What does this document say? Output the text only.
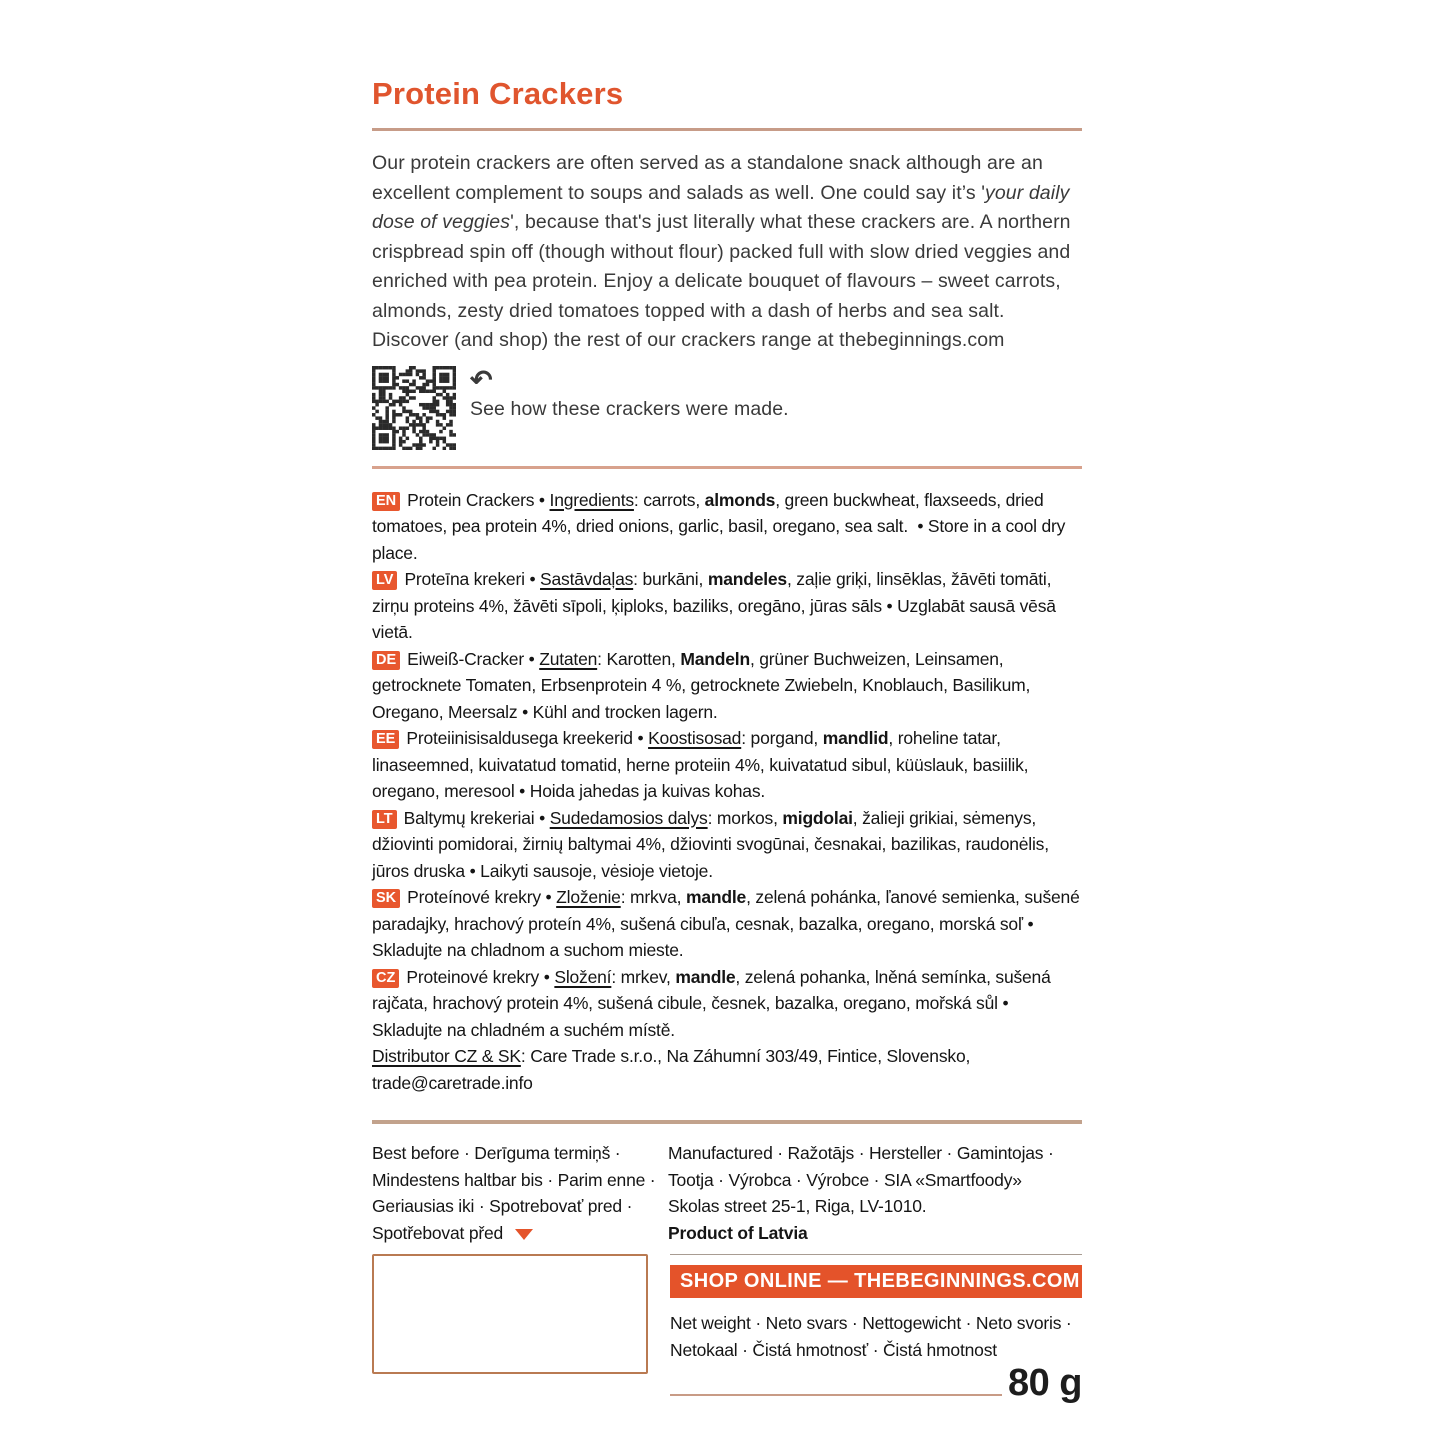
Protein Crackers

Our protein crackers are often served as a standalone snack although are an excellent complement to soups and salads as well. One could say it’s 'your daily dose of veggies', because that's just literally what these crackers are. A northern crispbread spin off (though without flour) packed full with slow dried veggies and enriched with pea protein. Enjoy a delicate bouquet of flavours – sweet carrots, almonds, zesty dried tomatoes topped with a dash of herbs and sea salt. Discover (and shop) the rest of our crackers range at thebeginnings.com

↶
See how these crackers were made.
EN Protein Crackers • Ingredients: carrots, almonds, green buckwheat, flaxseeds, dried tomatoes, pea protein 4%, dried onions, garlic, basil, oregano, sea salt.  • Store in a cool dry place.
LV Proteīna krekeri • Sastāvdaļas: burkāni, mandeles, zaļie griķi, linsēklas, žāvēti tomāti, zirņu proteins 4%, žāvēti sīpoli, ķiploks, baziliks, oregāno, jūras sāls • Uzglabāt sausā vēsā vietā.
DE Eiweiß-Cracker • Zutaten: Karotten, Mandeln, grüner Buchweizen, Leinsamen, getrocknete Tomaten, Erbsenprotein 4 %, getrocknete Zwiebeln, Knoblauch, Basilikum, Oregano, Meersalz • Kühl and trocken lagern.
EE Proteiinisisaldusega kreekerid • Koostisosad: porgand, mandlid, roheline tatar, linaseemned, kuivatatud tomatid, herne proteiin 4%, kuivatatud sibul, küüslauk, basiilik, oregano, meresool • Hoida jahedas ja kuivas kohas.
LT Baltymų krekeriai • Sudedamosios dalys: morkos, migdolai, žalieji grikiai, sėmenys, džiovinti pomidorai, žirnių baltymai 4%, džiovinti svogūnai, česnakai, bazilikas, raudonėlis, jūros druska • Laikyti sausoje, vėsioje vietoje.
SK Proteínové krekry • Zloženie: mrkva, mandle, zelená pohánka, ľanové semienka, sušené paradajky, hrachový proteín 4%, sušená cibuľa, cesnak, bazalka, oregano, morská soľ • Skladujte na chladnom a suchom mieste.
CZ Proteinové krekry • Složení: mrkev, mandle, zelená pohanka, lněná semínka, sušená rajčata, hrachový protein 4%, sušená cibule, česnek, bazalka, oregano, mořská sůl • Skladujte na chladném a suchém místě.
Distributor CZ & SK: Care Trade s.r.o., Na Záhumní 303/49, Fintice, Slovensko, trade@caretrade.info
Best before · Derīguma termiņš ·
Mindestens haltbar bis · Parim enne ·
Geriausias iki · Spotrebovať pred ·
Spotřebovat před
Manufactured · Ražotājs · Hersteller · Gamintojas ·
Tootja · Výrobca · Výrobce · SIA «Smartfoody»
Skolas street 25-1, Riga, LV-1010.
Product of Latvia
SHOP ONLINE — THEBEGINNINGS.COM
Net weight · Neto svars · Nettogewicht · Neto svoris ·
Netokaal · Čistá hmotnosť · Čistá hmotnost
80 g
